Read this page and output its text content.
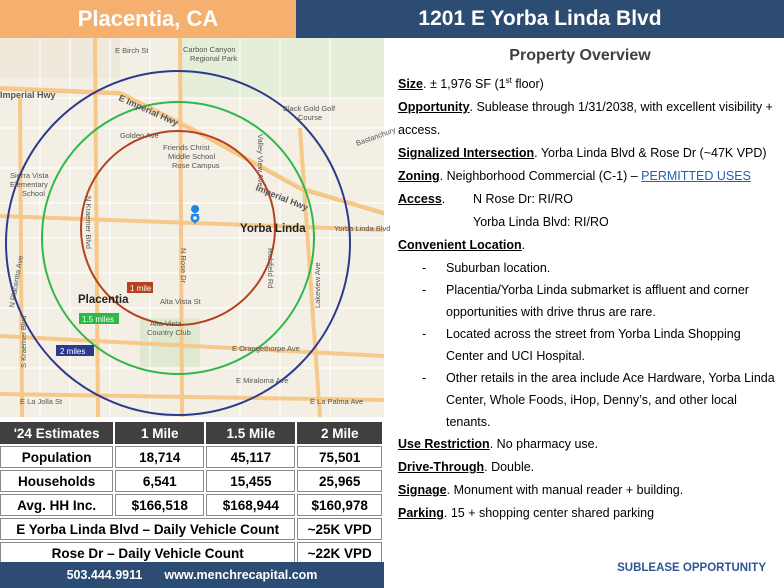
Placentia, CA	1201 E Yorba Linda Blvd
E Birch St	Carbon Canyon
Regional Park
Imperial Hwy	E Imperial Hwy	Black Gold Golf
Course
Golden Ave
Friends Christ
Middle School
Rose Campus
Sierra Vista
Elementary
School
N Kraemer Blvd
N Rose Dr
Alta Vista St
Alta Vista
Country Club
E Orangethorpe Ave
E Miraloma Ave
E La Palma Ave
S Kraemer Blvd
Bastanchury
Lakeview Ave
Richfield Rd
Valley View Ave
N Placentia Ave
E La Jolla St
Yorba Linda Blvd
Imperial Hwy
Yorba Linda
Placentia
1 mile
1.5 miles
2 miles
'24 Estimates	1 Mile	1.5 Mile	2 Mile
Population	18,714	45,117	75,501
Households	6,541	15,455	25,965
Avg. HH Inc.	$166,518	$168,944	$160,978
E Yorba Linda Blvd – Daily Vehicle Count			~25K VPD
Rose Dr – Daily Vehicle Count			~22K VPD
503.444.9911 www.menchrecapital.com
Property Overview

Size. ± 1,976 SF (1st floor)

Opportunity. Sublease through 1/31/2038, with excellent visibility + access.

Signalized Intersection. Yorba Linda Blvd & Rose Dr (~47K VPD)

Zoning. Neighborhood Commercial (C-1) – PERMITTED USES

Access.	N Rose Dr: RI/RO
Yorba Linda Blvd: RI/RO

Convenient Location.

-	Suburban location.
-	Placentia/Yorba Linda submarket is affluent and corner opportunities with drive thrus are rare.
-	Located across the street from Yorba Linda Shopping Center and UCI Hospital.
-	Other retails in the area include Ace Hardware, Yorba Linda Center, Whole Foods, iHop, Denny’s, and other local tenants.

Use Restriction. No pharmacy use.

Drive-Through. Double.

Signage. Monument with manual reader + building.

Parking. 15 + shopping center shared parking

SUBLEASE OPPORTUNITY
